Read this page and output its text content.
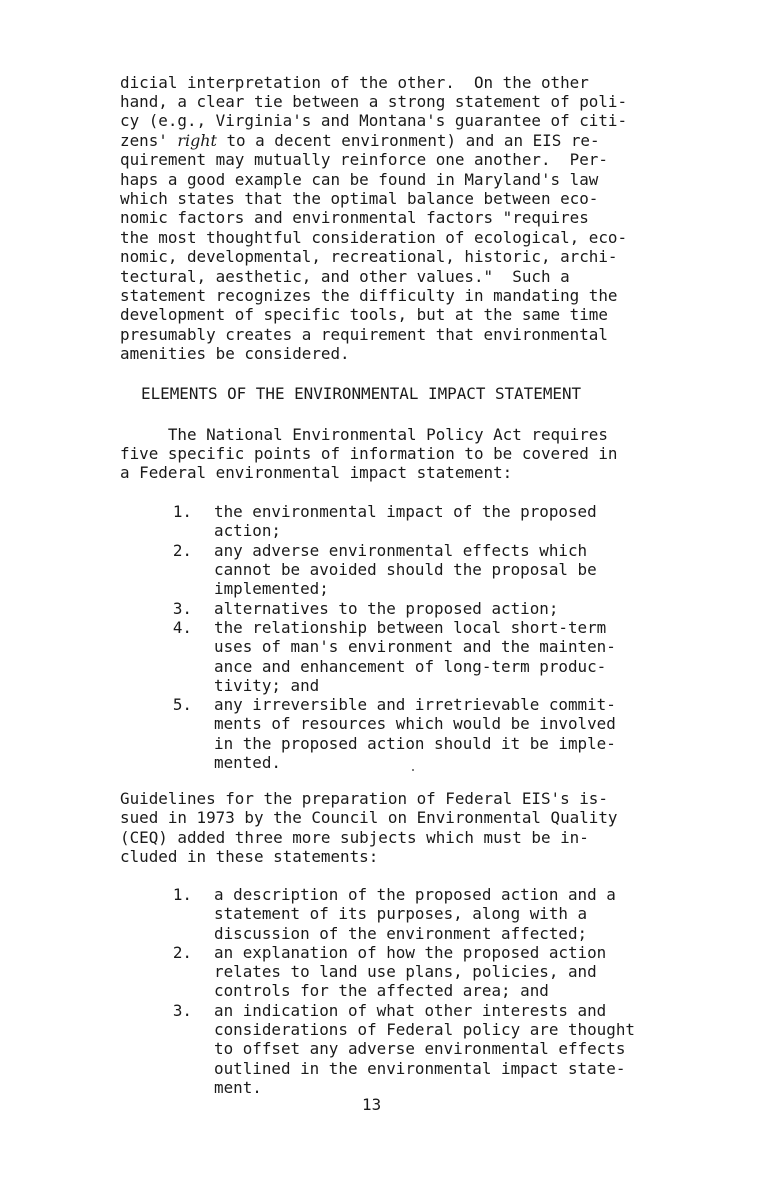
dicial interpretation of the other.  On the other
hand, a clear tie between a strong statement of poli-
cy (e.g., Virginia's and Montana's guarantee of citi-
zens' right to a decent environment) and an EIS re-
quirement may mutually reinforce one another.  Per-
haps a good example can be found in Maryland's law
which states that the optimal balance between eco-
nomic factors and environmental factors "requires
the most thoughtful consideration of ecological, eco-
nomic, developmental, recreational, historic, archi-
tectural, aesthetic, and other values."  Such a
statement recognizes the difficulty in mandating the
development of specific tools, but at the same time
presumably creates a requirement that environmental
amenities be considered.
ELEMENTS OF THE ENVIRONMENTAL IMPACT STATEMENT
The National Environmental Policy Act requires
five specific points of information to be covered in
a Federal environmental impact statement:
1. the environmental impact of the proposed
action;
2. any adverse environmental effects which
cannot be avoided should the proposal be
implemented;
3. alternatives to the proposed action;
4. the relationship between local short-term
uses of man's environment and the mainten-
ance and enhancement of long-term produc-
tivity; and
5. any irreversible and irretrievable commit-
ments of resources which would be involved
in the proposed action should it be imple-
mented.
Guidelines for the preparation of Federal EIS's is-
sued in 1973 by the Council on Environmental Quality
(CEQ) added three more subjects which must be in-
cluded in these statements:
1. a description of the proposed action and a
statement of its purposes, along with a
discussion of the environment affected;
2. an explanation of how the proposed action
relates to land use plans, policies, and
controls for the affected area; and
3. an indication of what other interests and
considerations of Federal policy are thought
to offset any adverse environmental effects
outlined in the environmental impact state-
ment.
13
